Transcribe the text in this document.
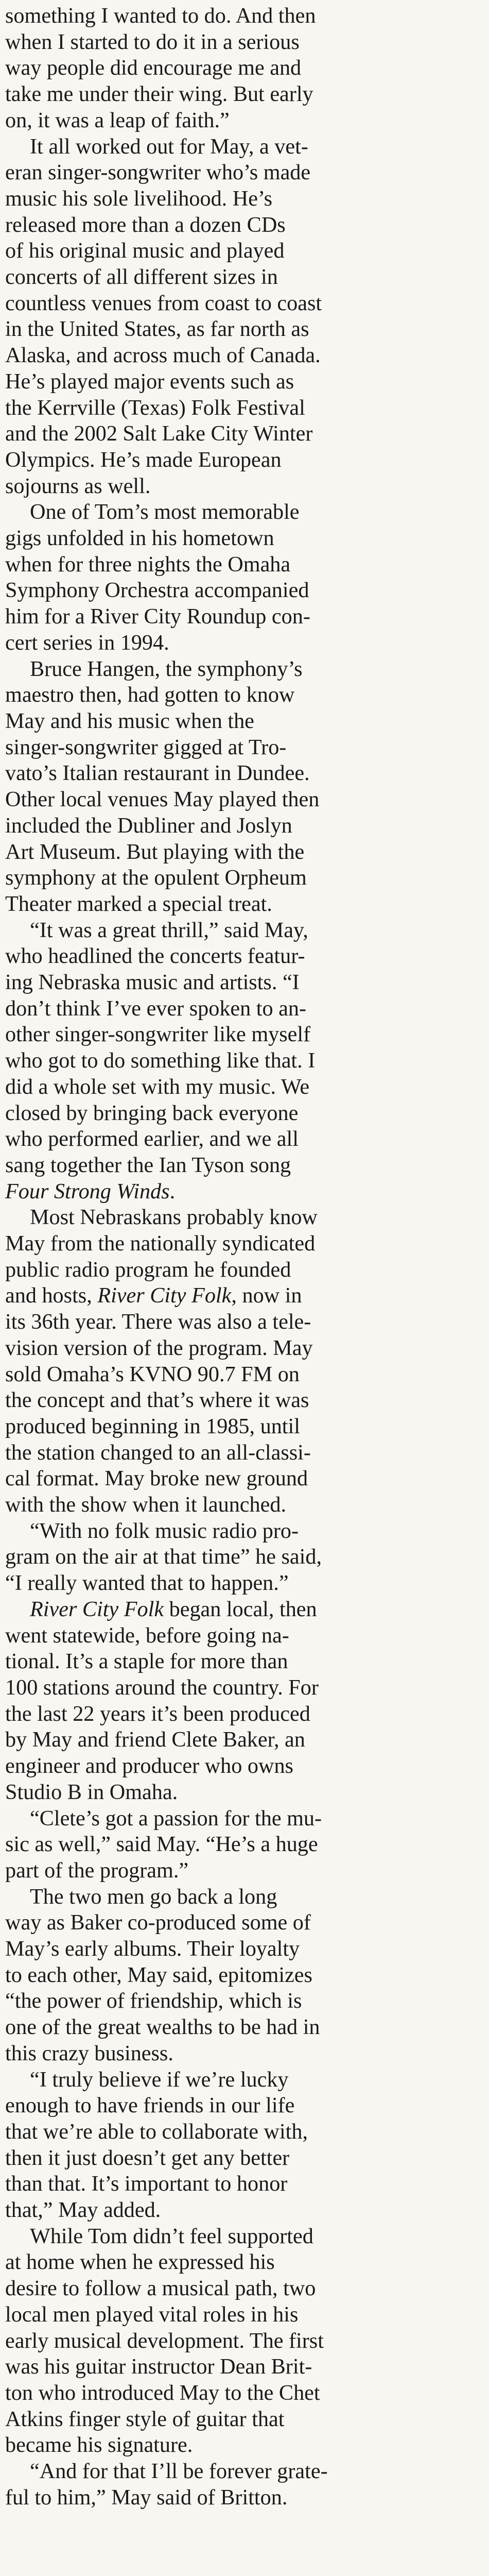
something I wanted to do. And then
when I started to do it in a serious
way people did encourage me and
take me under their wing. But early
on, it was a leap of faith.”

It all worked out for May, a vet-
eran singer-songwriter who’s made
music his sole livelihood. He’s
released more than a dozen CDs
of his original music and played
concerts of all different sizes in
countless venues from coast to coast
in the United States, as far north as
Alaska, and across much of Canada.
He’s played major events such as
the Kerrville (Texas) Folk Festival
and the 2002 Salt Lake City Winter
Olympics. He’s made European
sojourns as well.

One of Tom’s most memorable
gigs unfolded in his hometown
when for three nights the Omaha
Symphony Orchestra accompanied
him for a River City Roundup con-
cert series in 1994.

Bruce Hangen, the symphony’s
maestro then, had gotten to know
May and his music when the
singer-songwriter gigged at Tro-
vato’s Italian restaurant in Dundee.
Other local venues May played then
included the Dubliner and Joslyn
Art Museum. But playing with the
symphony at the opulent Orpheum
Theater marked a special treat.

“It was a great thrill,” said May,
who headlined the concerts featur-
ing Nebraska music and artists. “I
don’t think I’ve ever spoken to an-
other singer-songwriter like myself
who got to do something like that. I
did a whole set with my music. We
closed by bringing back everyone
who performed earlier, and we all
sang together the Ian Tyson song
Four Strong Winds.

Most Nebraskans probably know
May from the nationally syndicated
public radio program he founded
and hosts, River City Folk, now in
its 36th year. There was also a tele-
vision version of the program. May
sold Omaha’s KVNO 90.7 FM on
the concept and that’s where it was
produced beginning in 1985, until
the station changed to an all-classi-
cal format. May broke new ground
with the show when it launched.

“With no folk music radio pro-
gram on the air at that time” he said,
“I really wanted that to happen.”

River City Folk began local, then
went statewide, before going na-
tional. It’s a staple for more than
100 stations around the country. For
the last 22 years it’s been produced
by May and friend Clete Baker, an
engineer and producer who owns
Studio B in Omaha.

“Clete’s got a passion for the mu-
sic as well,” said May. “He’s a huge
part of the program.”

The two men go back a long
way as Baker co-produced some of
May’s early albums. Their loyalty
to each other, May said, epitomizes
“the power of friendship, which is
one of the great wealths to be had in
this crazy business.

“I truly believe if we’re lucky
enough to have friends in our life
that we’re able to collaborate with,
then it just doesn’t get any better
than that. It’s important to honor
that,” May added.

While Tom didn’t feel supported
at home when he expressed his
desire to follow a musical path, two
local men played vital roles in his
early musical development. The first
was his guitar instructor Dean Brit-
ton who introduced May to the Chet
Atkins finger style of guitar that
became his signature.

“And for that I’ll be forever grate-
ful to him,” May said of Britton.
